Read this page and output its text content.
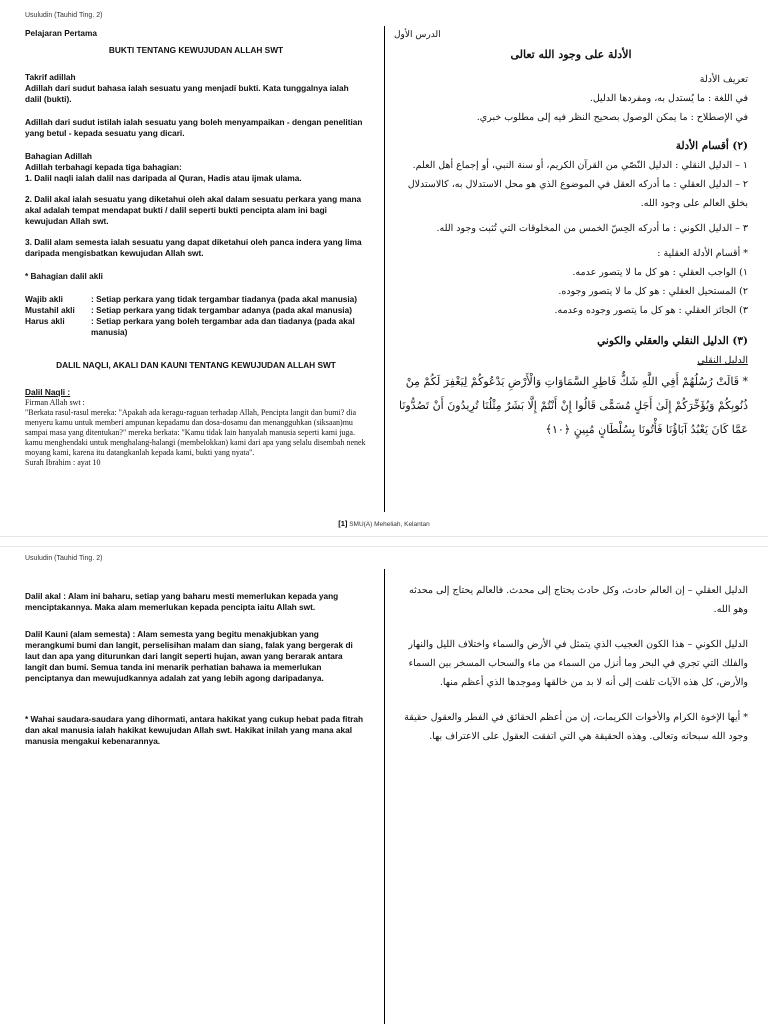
Usuludin (Tauhid Ting. 2)

Pelajaran Pertama

BUKTI TENTANG KEWUJUDAN ALLAH SWT

Takrif adillah

Adillah dari sudut bahasa ialah sesuatu yang menjadi bukti. Kata tunggalnya ialah dalil (bukti).

Adillah dari sudut istilah ialah sesuatu yang boleh menyampaikan - dengan penelitian yang betul - kepada sesuatu yang dicari.

Bahagian Adillah

Adillah terbahagi kepada tiga bahagian:

1. Dalil naqli ialah dalil nas daripada al Quran, Hadis atau ijmak ulama.

2. Dalil akal ialah sesuatu yang diketahui oleh akal dalam sesuatu perkara yang mana akal adalah tempat mendapat bukti / dalil seperti bukti pencipta alam ini bagi kewujudan Allah swt.

3. Dalil alam semesta ialah sesuatu yang dapat diketahui oleh panca indera yang lima daripada mengisbatkan kewujudan Allah swt.

* Bahagian dalil akli

Wajib akli	: Setiap perkara yang tidak tergambar tiadanya (pada akal manusia)
Mustahil akli	: Setiap perkara yang tidak tergambar adanya (pada akal manusia)
Harus akli	: Setiap perkara yang boleh tergambar ada dan tiadanya (pada akal manusia)

DALIL NAQLI, AKALI DAN KAUNI TENTANG KEWUJUDAN ALLAH SWT

Dalil Naqli :

Firman Allah swt :

"Berkata rasul-rasul mereka: "Apakah ada keragu-raguan terhadap Allah, Pencipta langit dan bumi? dia menyeru kamu untuk memberi ampunan kepadamu dan dosa-dosamu dan menangguhkan (siksaan)mu sampai masa yang ditentukan?" mereka berkata: "Kamu tidak lain hanyalah manusia seperti kami juga. kamu menghendaki untuk menghalang-halangi (membelokkan) kami dari apa yang selalu disembah nenek moyang kami, karena itu datangkanlah kepada kami, bukti yang nyata".

Surah Ibrahim : ayat 10

الدرس الأول

الأدلة على وجود الله تعالى

تعريف الأدلة

في اللغة : ما يُستدل به، ومفردها الدليل.

في الإصطلاح : ما يمكن الوصول بصحيح النظر فيه إلى مطلوب خبري.

(٢) أقسام الأدلة

١ – الدليل النقلي : الدليل النّصّي من القرآن الكريم، أو سنة النبي، أو إجماع أهل العلم.

٢ – الدليل العقلي : ما أدركه العقل في الموضوع الذي هو محل الاستدلال به، كالاستدلال بخلق العالم على وجود الله.

٣ – الدليل الكوني : ما أدركه الحِسّ الخمس من المخلوقات التي تُثبت وجود الله.

* أقسام الأدلة العقلية :

١) الواجب العقلي : هو كل ما لا يتصور عدمه.

٢) المستحيل العقلي : هو كل ما لا يتصور وجوده.

٣) الجائز العقلي : هو كل ما يتصور وجوده وعدمه.

(٣) الدليل النقلي والعقلي والكوني

الدليل النقلي

* قَالَتْ رُسُلُهُمْ أَفِي اللَّهِ شَكٌّ فَاطِرِ السَّمَاوَاتِ وَالْأَرْضِ يَدْعُوكُمْ لِيَغْفِرَ لَكُمْ مِنْ ذُنُوبِكُمْ وَيُؤَخِّرَكُمْ إِلَىٰ أَجَلٍ مُسَمًّى قَالُوا إِنْ أَنْتُمْ إِلَّا بَشَرٌ مِثْلُنَا تُرِيدُونَ أَنْ تَصُدُّونَا عَمَّا كَانَ يَعْبُدُ آبَاؤُنَا فَأْتُونَا بِسُلْطَانٍ مُبِينٍ ﴿١٠﴾

[1] SMU(A) Meheliah, Kelantan
Usuludin (Tauhid Ting. 2)

Dalil akal : Alam ini baharu, setiap yang baharu mesti memerlukan kepada yang menciptakannya. Maka alam memerlukan kepada pencipta iaitu Allah swt.

Dalil Kauni (alam semesta) : Alam semesta yang begitu menakjubkan yang merangkumi bumi dan langit, perselisihan malam dan siang, falak yang bergerak di laut dan apa yang diturunkan dari langit seperti hujan, awan yang berarak antara langit dan bumi. Semua tanda ini menarik perhatian bahawa ia memerlukan penciptanya dan mewujudkannya adalah zat yang lebih agong daripadanya.

* Wahai saudara-saudara yang dihormati, antara hakikat yang cukup hebat pada fitrah dan akal manusia ialah hakikat kewujudan Allah swt. Hakikat inilah yang mana akal manusia mengakui kebenarannya.

الدليل العقلي – إن العالم حادث، وكل حادث يحتاج إلى محدث. فالعالم يحتاج إلى محدثه وهو الله.

الدليل الكوني – هذا الكون العجيب الذي يتمثل في الأرض والسماء واختلاف الليل والنهار والفلك التي تجري في البحر وما أنزل من السماء من ماء والسحاب المسخر بين السماء والأرض، كل هذه الآيات تلفت إلى أنه لا بد من خالقها وموجدها الذي أعظم منها.

* أيها الإخوة الكرام والأخوات الكريمات، إن من أعظم الحقائق في الفطر والعقول حقيقة وجود الله سبحانه وتعالى. وهذه الحقيقة هي التي اتفقت العقول على الاعتراف بها.
